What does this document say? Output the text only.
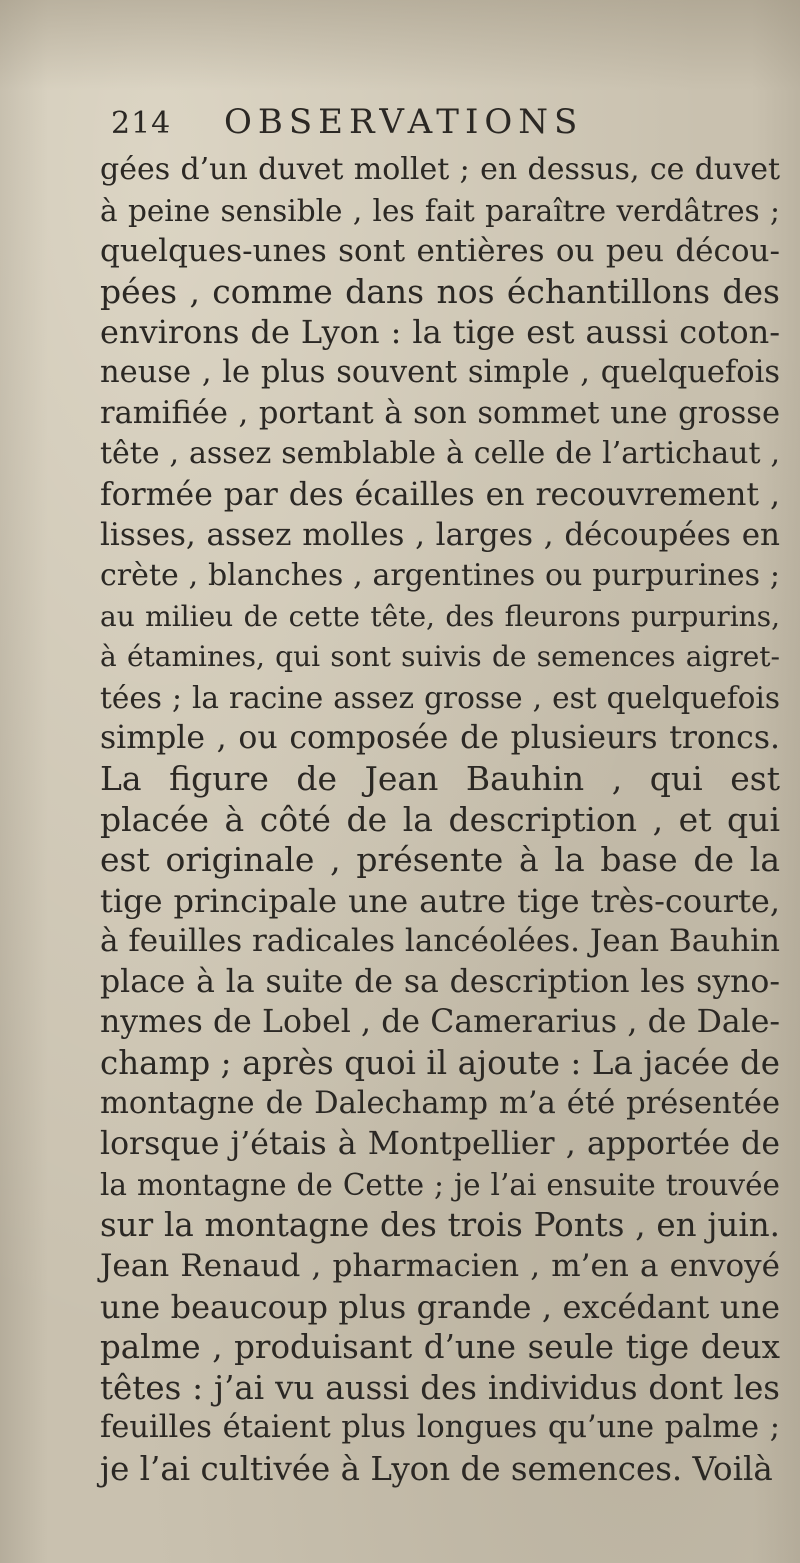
214 OBSERVATIONS
gées d’un duvet mollet ; en dessus, ce duvet
à peine sensible , les fait paraître verdâtres ;
quelques-unes sont entières ou peu décou-
pées , comme dans nos échantillons des
environs de Lyon : la tige est aussi coton-
neuse , le plus souvent simple , quelquefois
ramifiée , portant à son sommet une grosse
tête , assez semblable à celle de l’artichaut ,
formée par des écailles en recouvrement ,
lisses, assez molles , larges , découpées en
crète , blanches , argentines ou purpurines ;
au milieu de cette tête, des fleurons purpurins,
à étamines, qui sont suivis de semences aigret-
tées ; la racine assez grosse , est quelquefois
simple , ou composée de plusieurs troncs.
La figure de Jean Bauhin , qui est
placée à côté de la description , et qui
est originale , présente à la base de la
tige principale une autre tige très-courte,
à feuilles radicales lancéolées. Jean Bauhin
place à la suite de sa description les syno-
nymes de Lobel , de Camerarius , de Dale-
champ ; après quoi il ajoute : La jacée de
montagne de Dalechamp m’a été présentée
lorsque j’étais à Montpellier , apportée de
la montagne de Cette ; je l’ai ensuite trouvée
sur la montagne des trois Ponts , en juin.
Jean Renaud , pharmacien , m’en a envoyé
une beaucoup plus grande , excédant une
palme , produisant d’une seule tige deux
têtes : j’ai vu aussi des individus dont les
feuilles étaient plus longues qu’une palme ;
je l’ai cultivée à Lyon de semences. Voilà
